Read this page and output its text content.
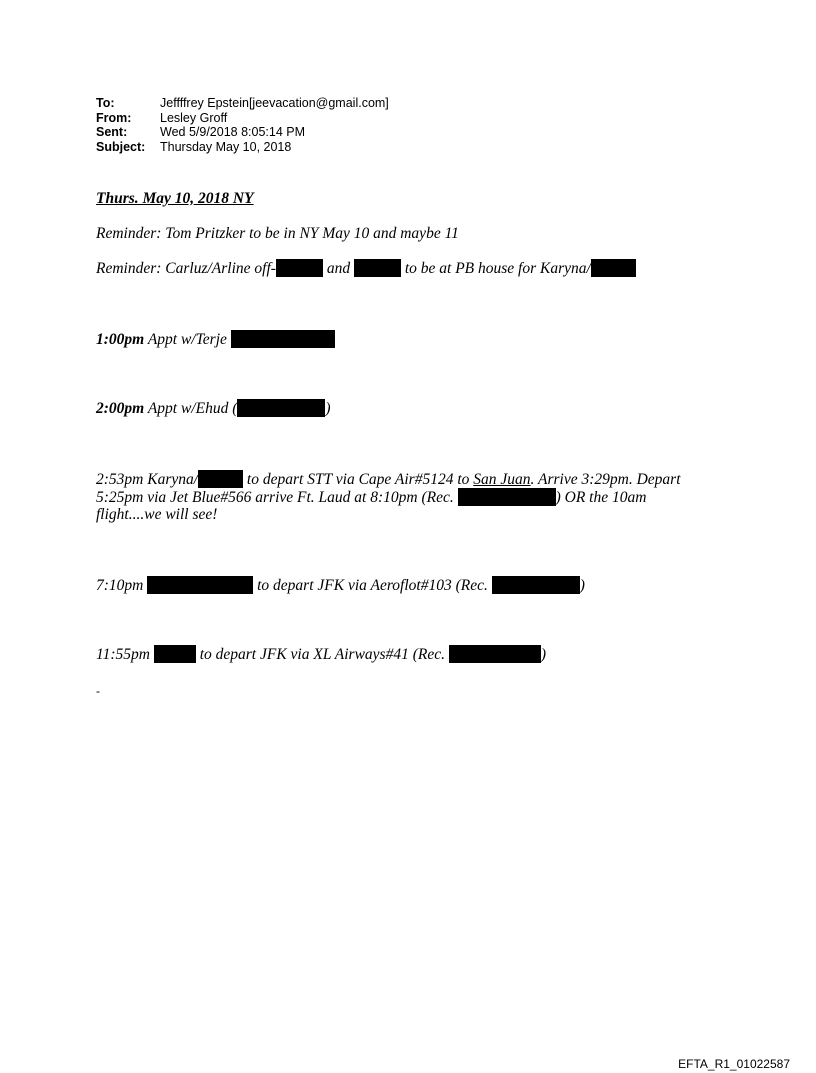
To:	Jeffffrey Epstein[jeevacation@gmail.com]
From:	Lesley Groff
Sent:	Wed 5/9/2018 8:05:14 PM
Subject:	Thursday May 10, 2018
Thurs. May 10, 2018 NY
Reminder: Tom Pritzker to be in NY May 10 and maybe 11
Reminder: Carluz/Arline off-	and	to be at PB house for Karyna/
1:00pm Appt w/Terje
2:00pm Appt w/Ehud (	)
2:53pm Karyna/	to depart STT via Cape Air#5124 to San Juan. Arrive 3:29pm. Depart
5:25pm via Jet Blue#566 arrive Ft. Laud at 8:10pm (Rec.	) OR the 10am
flight....we will see!
7:10pm	to depart JFK via Aeroflot#103 (Rec.	)
11:55pm	to depart JFK via XL Airways#41 (Rec.	)
-
EFTA_R1_01022587
